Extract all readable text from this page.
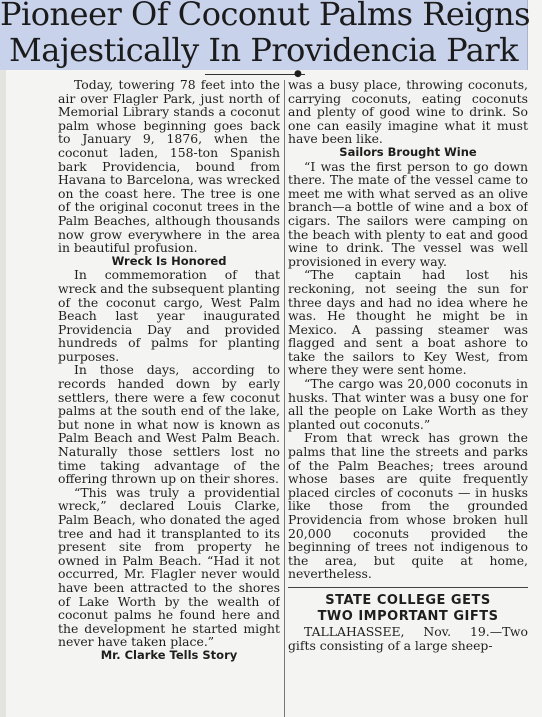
Pioneer Of Coconut Palms Reigns
Majestically In Providencia Park
●

Today, towering 78 feet into the air over Flagler Park, just north of Memorial Library stands a coconut palm whose beginning goes back to January 9, 1876, when the coconut laden, 158-ton Spanish bark Providencia, bound from Havana to Barcelona, was wrecked on the coast here. The tree is one of the original coconut trees in the Palm Beaches, although thousands now grow everywhere in the area in beautiful profusion.

Wreck Is Honored

In commemoration of that wreck and the subsequent planting of the coconut cargo, West Palm Beach last year inaugurated Providencia Day and provided hundreds of palms for planting purposes.

In those days, according to records handed down by early settlers, there were a few coconut palms at the south end of the lake, but none in what now is known as Palm Beach and West Palm Beach. Naturally those settlers lost no time taking advantage of the offering thrown up on their shores.

“This was truly a providential wreck,” declared Louis Clarke, Palm Beach, who donated the aged tree and had it transplanted to its present site from property he owned in Palm Beach. “Had it not occurred, Mr. Flagler never would have been attracted to the shores of Lake Worth by the wealth of coconut palms he found here and the development he started might never have taken place.”

Mr. Clarke Tells Story

was a busy place, throwing coconuts, carrying coconuts, eating coconuts and plenty of good wine to drink. So one can easily imagine what it must have been like.

Sailors Brought Wine

“I was the first person to go down there. The mate of the vessel came to meet me with what served as an olive branch—a bottle of wine and a box of cigars. The sailors were camping on the beach with plenty to eat and good wine to drink. The vessel was well provisioned in every way.

“The captain had lost his reckoning, not seeing the sun for three days and had no idea where he was. He thought he might be in Mexico. A passing steamer was flagged and sent a boat ashore to take the sailors to Key West, from where they were sent home.

“The cargo was 20,000 coconuts in husks. That winter was a busy one for all the people on Lake Worth as they planted out coconuts.”

From that wreck has grown the palms that line the streets and parks of the Palm Beaches; trees around whose bases are quite frequently placed circles of coconuts — in husks like those from the grounded Providencia from whose broken hull 20,000 coconuts provided the beginning of trees not indigenous to the area, but quite at home, nevertheless.

STATE COLLEGE GETS
TWO IMPORTANT GIFTS

TALLAHASSEE, Nov. 19.—Two gifts consisting of a large sheep-
